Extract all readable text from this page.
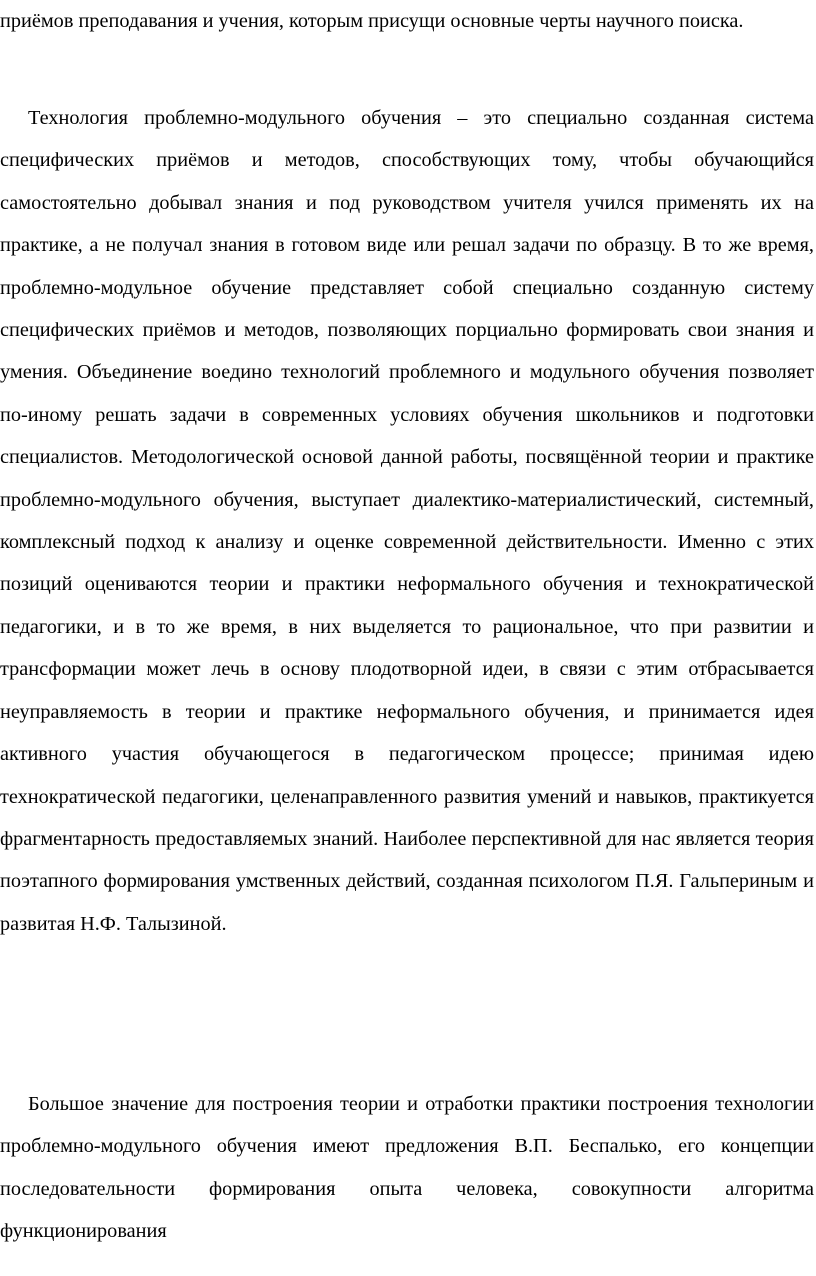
приёмов преподавания и учения, которым присущи основные черты научного поиска.

Технология проблемно-модульного обучения – это специально созданная система специфических приёмов и методов, способствующих тому, чтобы обучающийся самостоятельно добывал знания и под руководством учителя учился применять их на практике, а не получал знания в готовом виде или решал задачи по образцу. В то же время, проблемно-модульное обучение представляет собой специально созданную систему специфических приёмов и методов, позволяющих порциально формировать свои знания и умения. Объединение воедино технологий проблемного и модульного обучения позволяет по-иному решать задачи в современных условиях обучения школьников и подготовки специалистов. Методологической основой данной работы, посвящённой теории и практике проблемно-модульного обучения, выступает диалектико-материалистический, системный, комплексный подход к анализу и оценке современной действительности. Именно с этих позиций оцениваются теории и практики неформального обучения и технократической педагогики, и в то же время, в них выделяется то рациональное, что при развитии и трансформации может лечь в основу плодотворной идеи, в связи с этим отбрасывается неуправляемость в теории и практике неформального обучения, и принимается идея активного участия обучающегося в педагогическом процессе; принимая идею технократической педагогики, целенаправленного развития умений и навыков, практикуется фрагментарность предоставляемых знаний. Наиболее перспективной для нас является теория поэтапного формирования умственных действий, созданная психологом П.Я. Гальпериным и развитая Н.Ф. Талызиной.

Большое значение для построения теории и отработки практики построения технологии проблемно-модульного обучения имеют предложения В.П. Беспалько, его концепции последовательности формирования опыта человека, совокупности алгоритма функционирования
